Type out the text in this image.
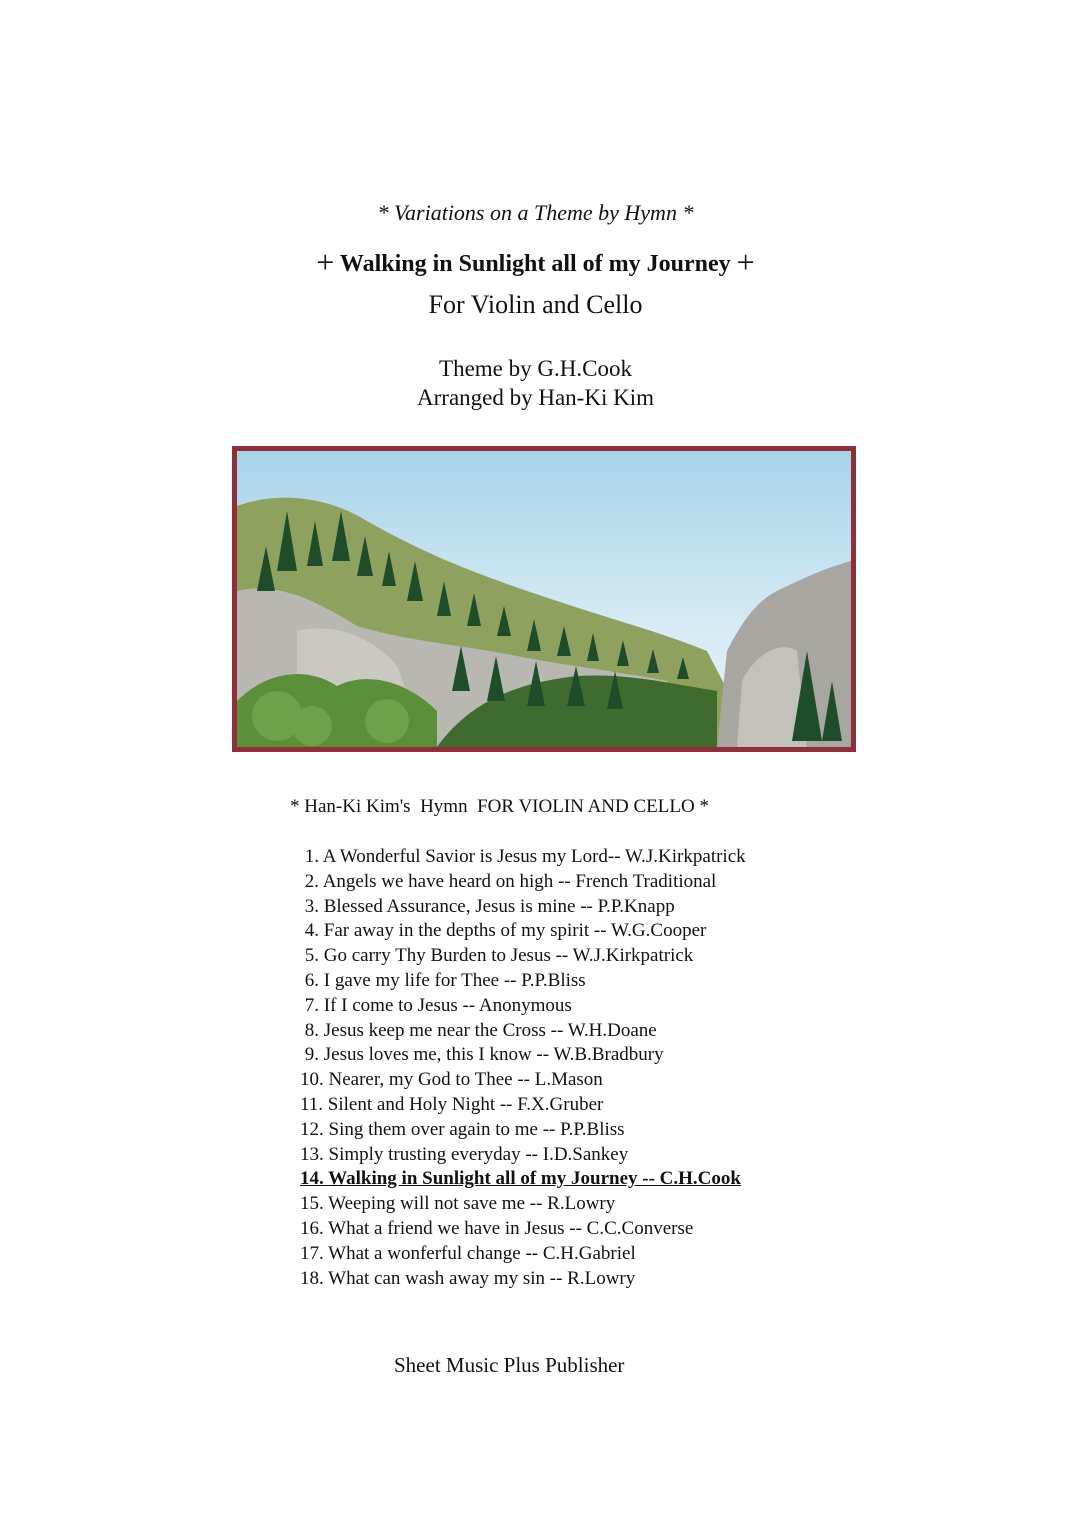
* Variations on a Theme by Hymn *
+ Walking in Sunlight all of my Journey +
For Violin and Cello
Theme by G.H.Cook
Arranged by Han-Ki Kim
* Han-Ki Kim's  Hymn  FOR VIOLIN AND CELLO *
1. A Wonderful Savior is Jesus my Lord-- W.J.Kirkpatrick
2. Angels we have heard on high -- French Traditional
3. Blessed Assurance, Jesus is mine -- P.P.Knapp
4. Far away in the depths of my spirit -- W.G.Cooper
5. Go carry Thy Burden to Jesus -- W.J.Kirkpatrick
6. I gave my life for Thee -- P.P.Bliss
7. If I come to Jesus -- Anonymous
8. Jesus keep me near the Cross -- W.H.Doane
9. Jesus loves me, this I know -- W.B.Bradbury
10. Nearer, my God to Thee -- L.Mason
11. Silent and Holy Night -- F.X.Gruber
12. Sing them over again to me -- P.P.Bliss
13. Simply trusting everyday -- I.D.Sankey
14. Walking in Sunlight all of my Journey -- C.H.Cook
15. Weeping will not save me -- R.Lowry
16. What a friend we have in Jesus -- C.C.Converse
17. What a wonferful change -- C.H.Gabriel
18. What can wash away my sin -- R.Lowry
Sheet Music Plus Publisher
